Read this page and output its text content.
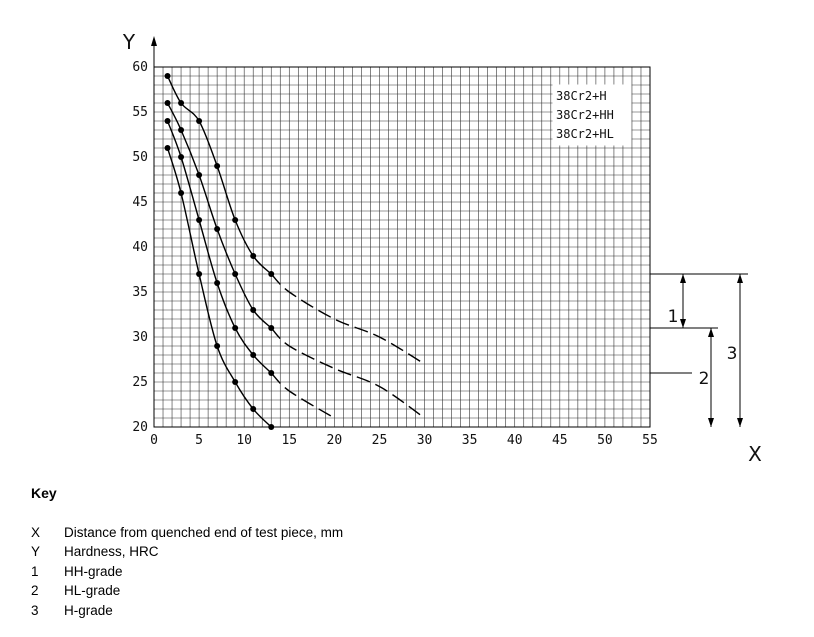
0	5	10 15 20 25 30 35 40 45 50 55
20
25
30
35
40
45
50
55
60
Y
X
38Cr2+H
38Cr2+HH
38Cr2+HL
1
2
3
Key
X	Distance from quenched end of test piece, mm
Y	Hardness, HRC
1	HH-grade
2	HL-grade
3	H-grade
